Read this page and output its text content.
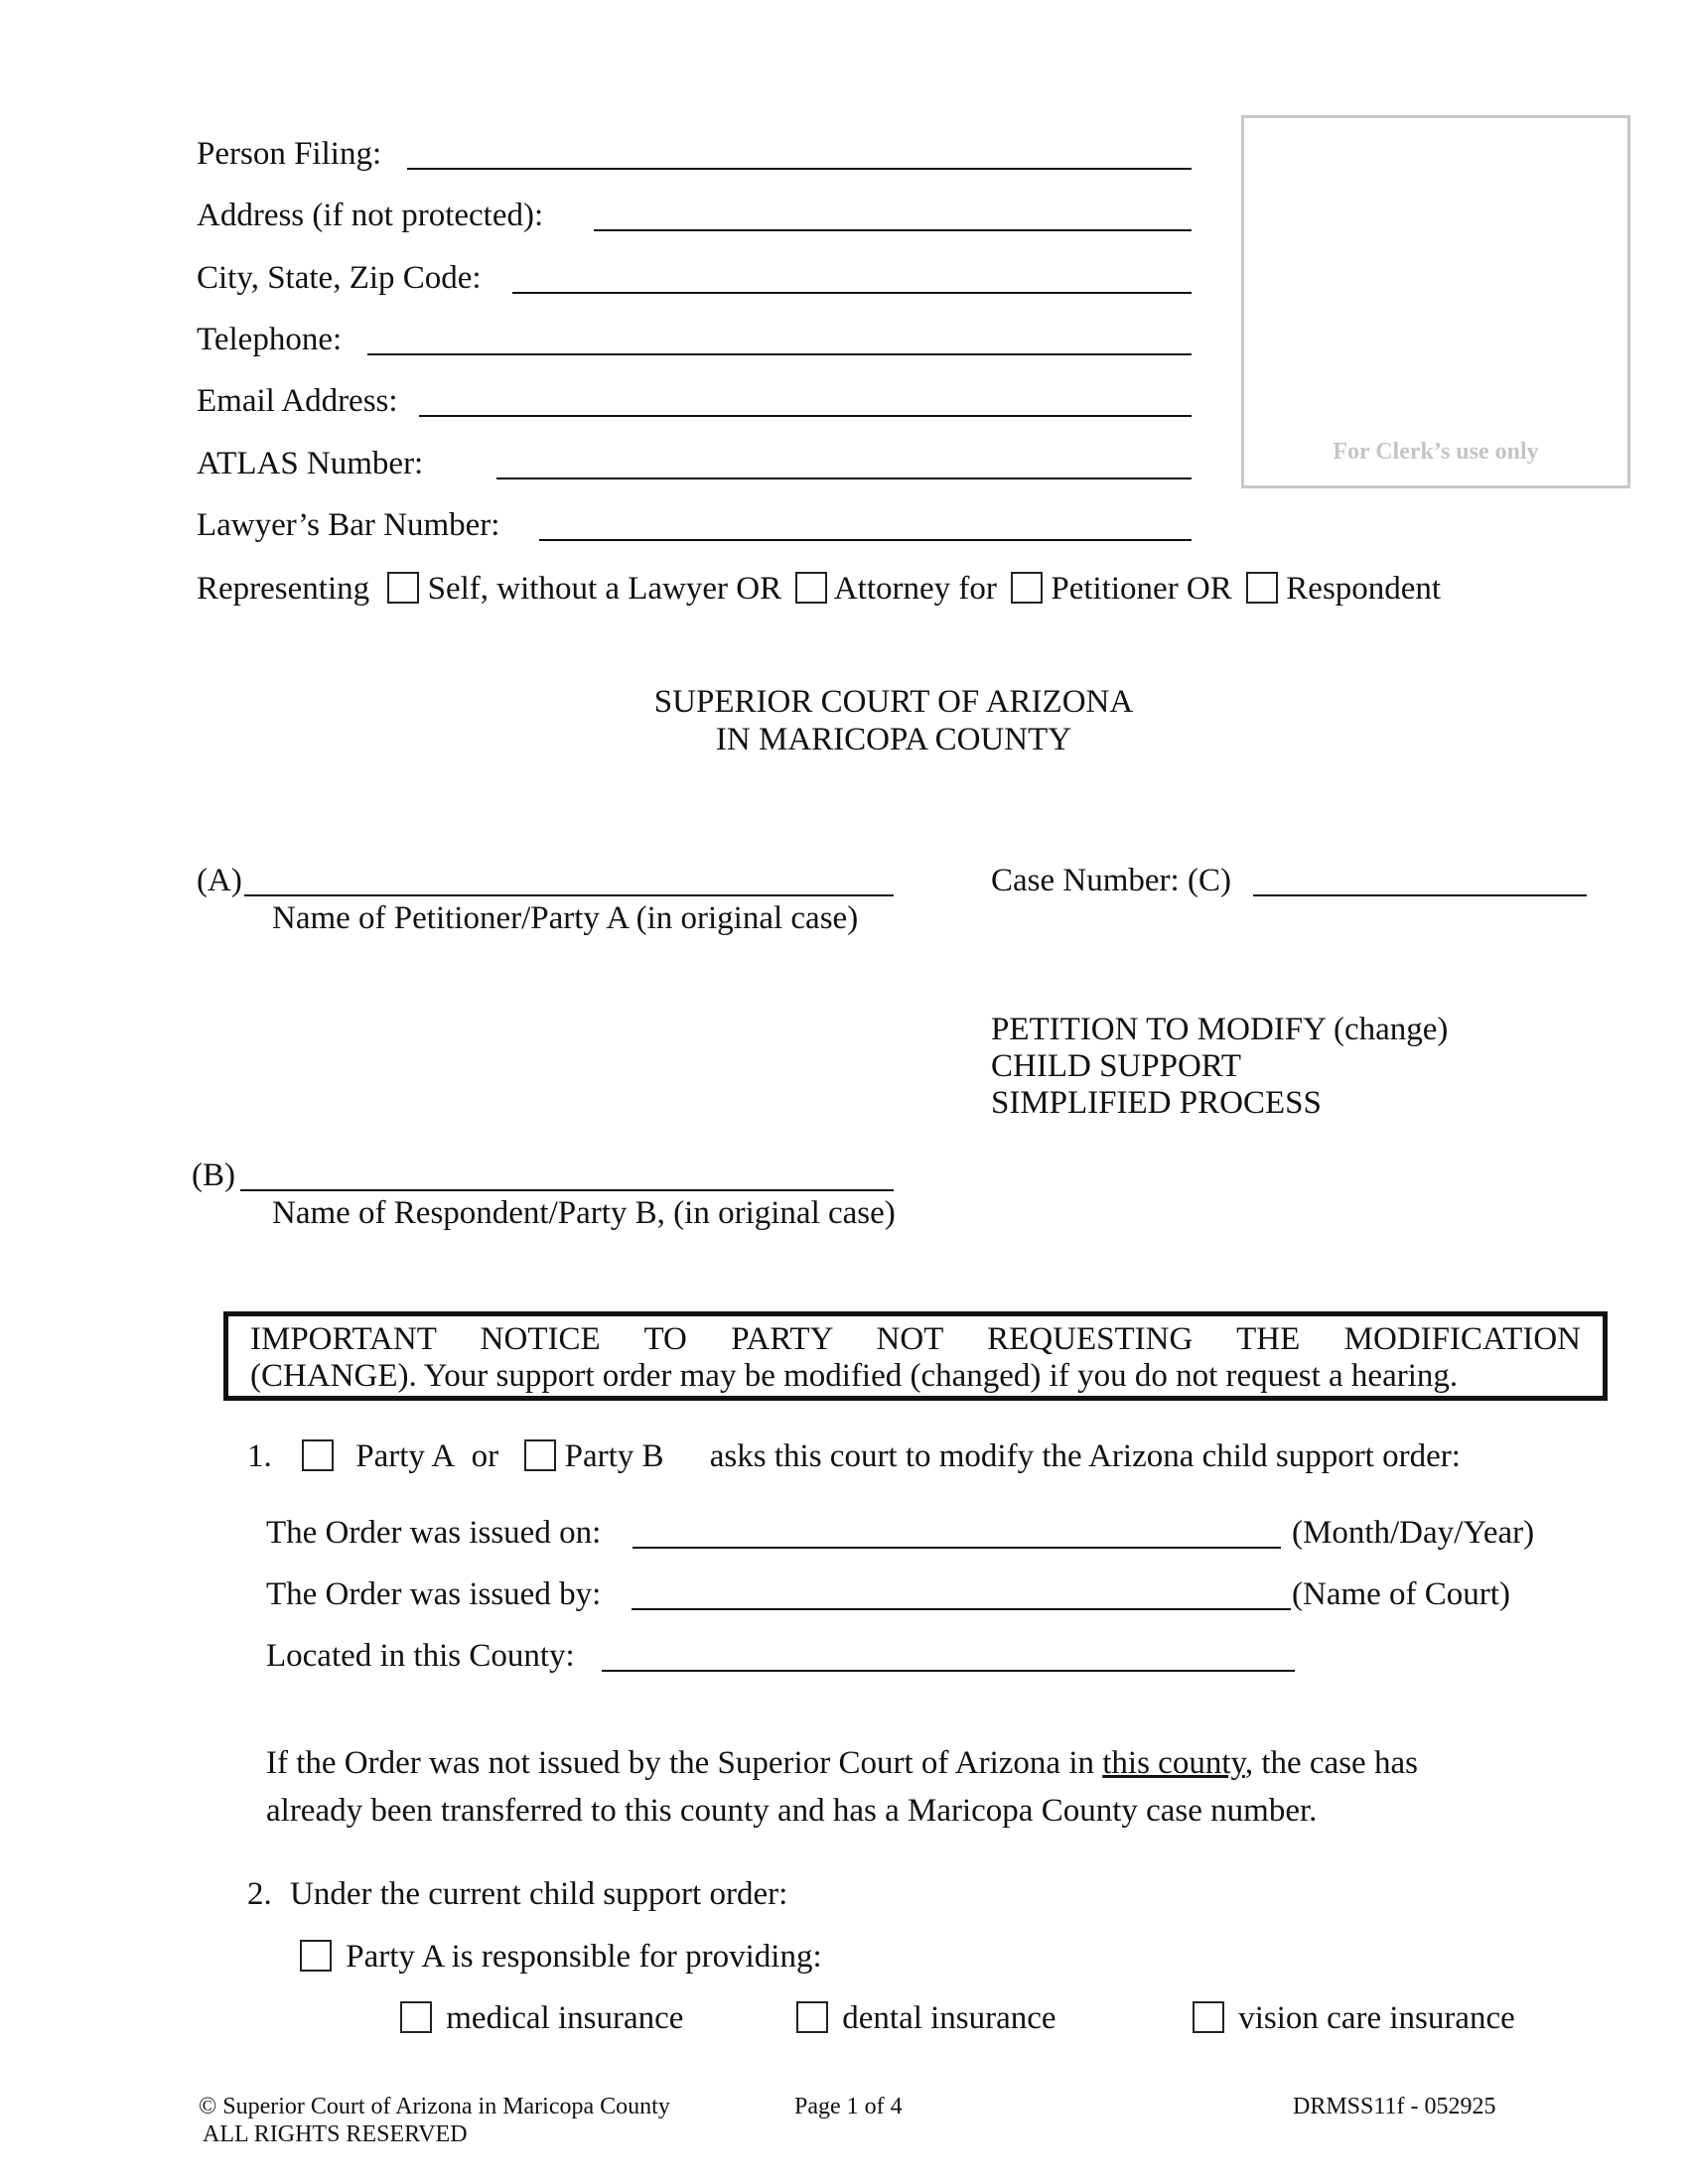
Person Filing:
Address (if not protected):
City, State, Zip Code:
Telephone:
Email Address:
ATLAS Number:
Lawyer’s Bar Number:
Representing Self, without a Lawyer OR Attorney for Petitioner OR Respondent
For Clerk’s use only
SUPERIOR COURT OF ARIZONA
IN MARICOPA COUNTY
(A)
Name of Petitioner/Party A (in original case)
Case Number: (C)
PETITION TO MODIFY (change)
CHILD SUPPORT
SIMPLIFIED PROCESS
(B)
Name of Respondent/Party B, (in original case)
IMPORTANT NOTICE TO PARTY NOT REQUESTING THE MODIFICATION
(CHANGE). Your support order may be modified (changed) if you do not request a hearing.
1.	Party A or Party B asks this court to modify the Arizona child support order:
The Order was issued on:	(Month/Day/Year)
The Order was issued by:	(Name of Court)
Located in this County:
If the Order was not issued by the Superior Court of Arizona in this county, the case has
already been transferred to this county and has a Maricopa County case number.
2. Under the current child support order:
Party A is responsible for providing:
medical insurance	dental insurance	vision care insurance
© Superior Court of Arizona in Maricopa County
ALL RIGHTS RESERVED
Page 1 of 4	DRMSS11f - 052925
